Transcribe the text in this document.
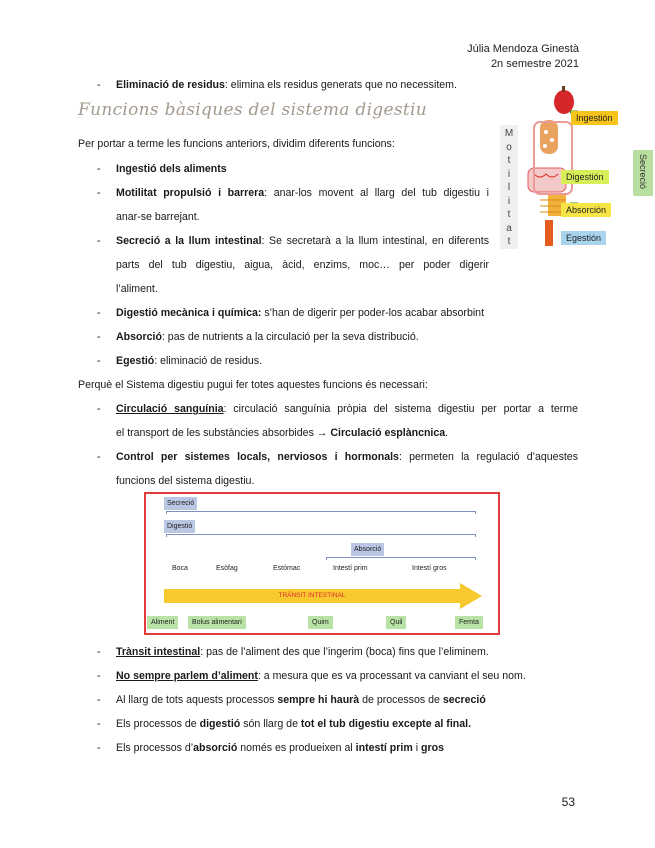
Júlia Mendoza Ginestà
2n semestre 2021
- Eliminació de residus: elimina els residus generats que no necessitem.
Funcions bàsiques del sistema digestiu
Per portar a terme les funcions anteriors, dividim diferents funcions:
- Ingestió dels aliments
- Motilitat propulsió i barrera: anar-los movent al llarg del tub digestiu i
anar-se barrejant.
- Secreció a la llum intestinal: Se secretarà a la llum intestinal, en diferents
parts del tub digestiu, aigua, àcid, enzims, moc… per poder digerir
l’aliment.
- Digestió mecànica i química: s’han de digerir per poder-los acabar absorbint
- Absorció: pas de nutrients a la circulació per la seva distribució.
- Egestió: eliminació de residus.
M
o
t
i
l
i
t
a
t
Ingestión
Digestión
Absorción
Egestión
Secreció
Perquè el Sistema digestiu pugui fer totes aquestes funcions és necessari:
- Circulació sanguínia: circulació sanguínia pròpia del sistema digestiu per portar a terme
el transport de les substàncies absorbides → Circulació esplàncnica.
- Control per sistemes locals, nerviosos i hormonals: permeten la regulació d’aquestes
funcions del sistema digestiu.
Secreció
Digestió
Absorció
Boca	Esòfag	Estómac	Intestí prim	Intestí gros
TRÀNSIT INTESTINAL
Aliment	Bolus alimentari	Quim	Quil	Femta
- Trànsit intestinal: pas de l’aliment des que l’ingerim (boca) fins que l’eliminem.
- No sempre parlem d’aliment: a mesura que es va processant va canviant el seu nom.
- Al llarg de tots aquests processos sempre hi haurà de processos de secreció
- Els processos de digestió són llarg de tot el tub digestiu excepte al final.
- Els processos d’absorció només es produeixen al intestí prim i gros
53
